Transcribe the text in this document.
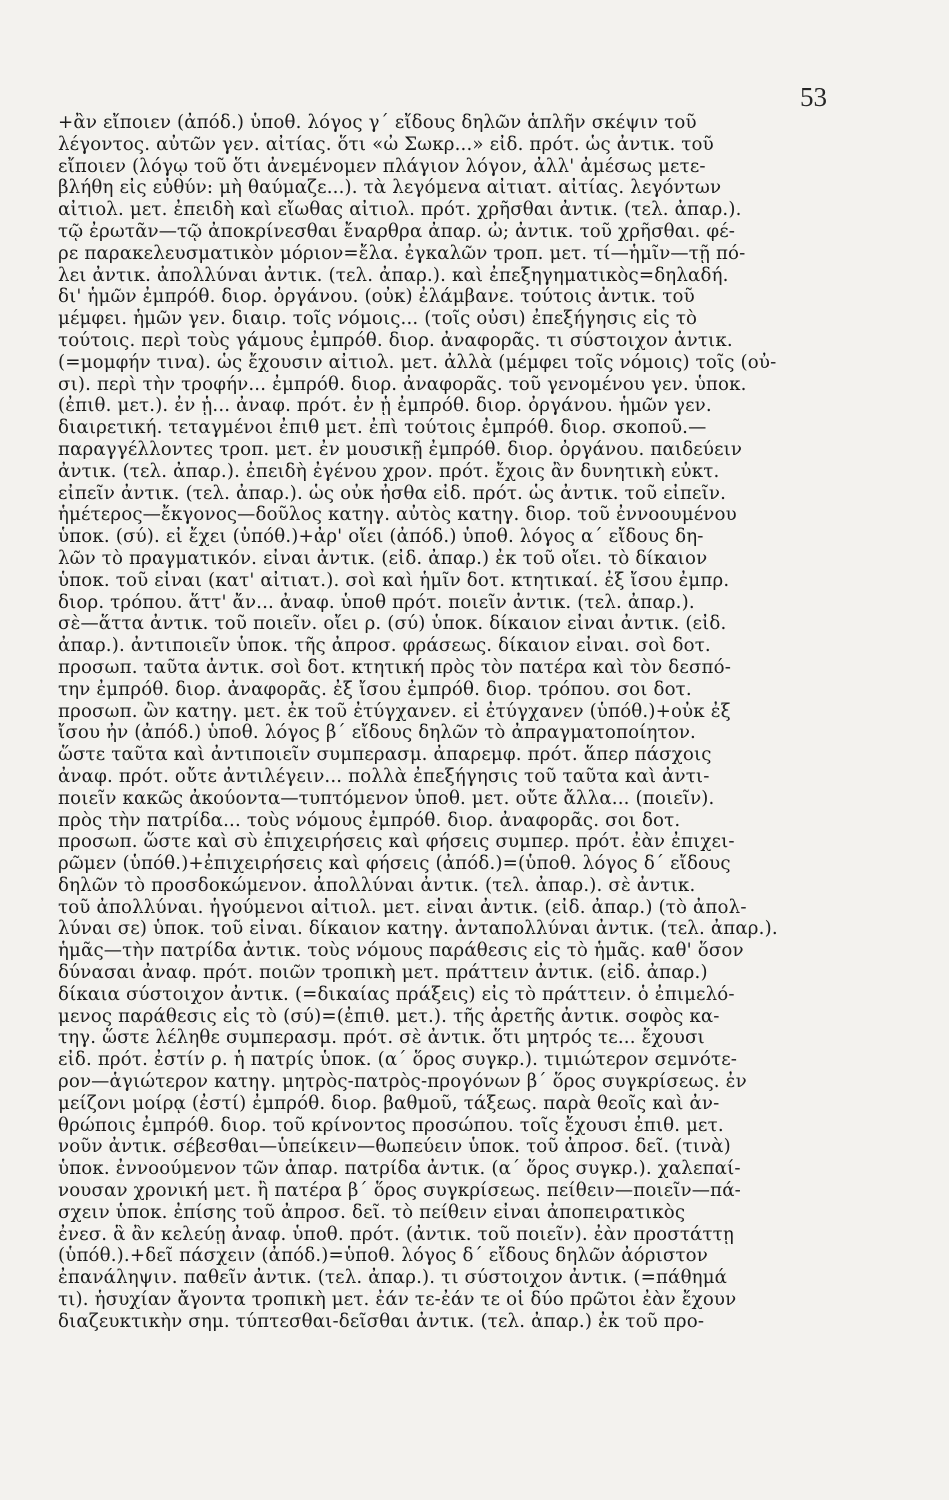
53
+ἂν εἴποιεν (ἀπόδ.) ὑποθ. λόγος γ΄ εἴδους δηλῶν ἁπλῆν σκέψιν τοῦ
λέγοντος. αὐτῶν γεν. αἰτίας. ὅτι «ὦ Σωκρ...» εἰδ. πρότ. ὡς ἀντικ. τοῦ
εἴποιεν (λόγῳ τοῦ ὅτι ἀνεμένομεν πλάγιον λόγον, ἀλλ' ἀμέσως μετε-
βλήθη εἰς εὐθύν: μὴ θαύμαζε...). τὰ λεγόμενα αἰτιατ. αἰτίας. λεγόντων
αἰτιολ. μετ. ἐπειδὴ καὶ εἴωθας αἰτιολ. πρότ. χρῆσθαι ἀντικ. (τελ. ἀπαρ.).
τῷ ἐρωτᾶν—τῷ ἀποκρίνεσθαι ἔναρθρα ἀπαρ. ὦ; ἀντικ. τοῦ χρῆσθαι. φέ-
ρε παρακελευσματικὸν μόριον=ἔλα. ἐγκαλῶν τροπ. μετ. τί—ἡμῖν—τῇ πό-
λει ἀντικ. ἀπολλύναι ἀντικ. (τελ. ἀπαρ.). καὶ ἐπεξηγηματικὸς=δηλαδή.
δι' ἡμῶν ἐμπρόθ. διορ. ὀργάνου. (οὐκ) ἐλάμβανε. τούτοις ἀντικ. τοῦ
μέμφει. ἡμῶν γεν. διαιρ. τοῖς νόμοις... (τοῖς οὖσι) ἐπεξήγησις εἰς τὸ
τούτοις. περὶ τοὺς γάμους ἐμπρόθ. διορ. ἀναφορᾶς. τι σύστοιχον ἀντικ.
(=μομφήν τινα). ὡς ἔχουσιν αἰτιολ. μετ. ἀλλὰ (μέμφει τοῖς νόμοις) τοῖς (οὖ-
σι). περὶ τὴν τροφήν... ἐμπρόθ. διορ. ἀναφορᾶς. τοῦ γενομένου γεν. ὑποκ.
(ἐπιθ. μετ.). ἐν ᾗ... ἀναφ. πρότ. ἐν ᾗ ἐμπρόθ. διορ. ὀργάνου. ἡμῶν γεν.
διαιρετική. τεταγμένοι ἐπιθ μετ. ἐπὶ τούτοις ἐμπρόθ. διορ. σκοποῦ.—
παραγγέλλοντες τροπ. μετ. ἐν μουσικῇ ἐμπρόθ. διορ. ὀργάνου. παιδεύειν
ἀντικ. (τελ. ἀπαρ.). ἐπειδὴ ἐγένου χρον. πρότ. ἔχοις ἂν δυνητικὴ εὐκτ.
εἰπεῖν ἀντικ. (τελ. ἀπαρ.). ὡς οὐκ ἦσθα εἰδ. πρότ. ὡς ἀντικ. τοῦ εἰπεῖν.
ἡμέτερος—ἔκγονος—δοῦλος κατηγ. αὐτὸς κατηγ. διορ. τοῦ ἐννοουμένου
ὑποκ. (σύ). εἰ ἔχει (ὑπόθ.)+ἆρ' οἴει (ἀπόδ.) ὑποθ. λόγος α΄ εἴδους δη-
λῶν τὸ πραγματικόν. εἶναι ἀντικ. (εἰδ. ἀπαρ.) ἐκ τοῦ οἴει. τὸ δίκαιον
ὑποκ. τοῦ εἶναι (κατ' αἰτιατ.). σοὶ καὶ ἡμῖν δοτ. κτητικαί. ἐξ ἴσου ἐμπρ.
διορ. τρόπου. ἅττ' ἄν... ἀναφ. ὑποθ πρότ. ποιεῖν ἀντικ. (τελ. ἀπαρ.).
σὲ—ἅττα ἀντικ. τοῦ ποιεῖν. οἴει ρ. (σύ) ὑποκ. δίκαιον εἶναι ἀντικ. (εἰδ.
ἀπαρ.). ἀντιποιεῖν ὑποκ. τῆς ἀπροσ. φράσεως. δίκαιον εἶναι. σοὶ δοτ.
προσωπ. ταῦτα ἀντικ. σοὶ δοτ. κτητική πρὸς τὸν πατέρα καὶ τὸν δεσπό-
την ἐμπρόθ. διορ. ἀναφορᾶς. ἐξ ἴσου ἐμπρόθ. διορ. τρόπου. σοι δοτ.
προσωπ. ὢν κατηγ. μετ. ἐκ τοῦ ἐτύγχανεν. εἰ ἐτύγχανεν (ὑπόθ.)+οὐκ ἐξ
ἴσου ἦν (ἀπόδ.) ὑποθ. λόγος β΄ εἴδους δηλῶν τὸ ἀπραγματοποίητον.
ὥστε ταῦτα καὶ ἀντιποιεῖν συμπερασμ. ἀπαρεμφ. πρότ. ἅπερ πάσχοις
ἀναφ. πρότ. οὔτε ἀντιλέγειν... πολλὰ ἐπεξήγησις τοῦ ταῦτα καὶ ἀντι-
ποιεῖν κακῶς ἀκούοντα—τυπτόμενον ὑποθ. μετ. οὔτε ἄλλα... (ποιεῖν).
πρὸς τὴν πατρίδα... τοὺς νόμους ἐμπρόθ. διορ. ἀναφορᾶς. σοι δοτ.
προσωπ. ὥστε καὶ σὺ ἐπιχειρήσεις καὶ φήσεις συμπερ. πρότ. ἐὰν ἐπιχει-
ρῶμεν (ὑπόθ.)+ἐπιχειρήσεις καὶ φήσεις (ἀπόδ.)=(ὑποθ. λόγος δ΄ εἴδους
δηλῶν τὸ προσδοκώμενον. ἀπολλύναι ἀντικ. (τελ. ἀπαρ.). σὲ ἀντικ.
τοῦ ἀπολλύναι. ἡγούμενοι αἰτιολ. μετ. εἶναι ἀντικ. (εἰδ. ἀπαρ.) (τὸ ἀπολ-
λύναι σε) ὑποκ. τοῦ εἶναι. δίκαιον κατηγ. ἀνταπολλύναι ἀντικ. (τελ. ἀπαρ.).
ἡμᾶς—τὴν πατρίδα ἀντικ. τοὺς νόμους παράθεσις εἰς τὸ ἡμᾶς. καθ' ὅσον
δύνασαι ἀναφ. πρότ. ποιῶν τροπικὴ μετ. πράττειν ἀντικ. (εἰδ. ἀπαρ.)
δίκαια σύστοιχον ἀντικ. (=δικαίας πράξεις) εἰς τὸ πράττειν. ὁ ἐπιμελό-
μενος παράθεσις εἰς τὸ (σύ)=(ἐπιθ. μετ.). τῆς ἀρετῆς ἀντικ. σοφὸς κα-
τηγ. ὥστε λέληθε συμπερασμ. πρότ. σὲ ἀντικ. ὅτι μητρός τε... ἔχουσι
εἰδ. πρότ. ἐστίν ρ. ἡ πατρίς ὑποκ. (α΄ ὅρος συγκρ.). τιμιώτερον σεμνότε-
ρον—ἁγιώτερον κατηγ. μητρὸς-πατρὸς-προγόνων β΄ ὅρος συγκρίσεως. ἐν
μείζονι μοίρᾳ (ἐστί) ἐμπρόθ. διορ. βαθμοῦ, τάξεως. παρὰ θεοῖς καὶ ἀν-
θρώποις ἐμπρόθ. διορ. τοῦ κρίνοντος προσώπου. τοῖς ἔχουσι ἐπιθ. μετ.
νοῦν ἀντικ. σέβεσθαι—ὑπείκειν—θωπεύειν ὑποκ. τοῦ ἀπροσ. δεῖ. (τινὰ)
ὑποκ. ἐννοούμενον τῶν ἀπαρ. πατρίδα ἀντικ. (α΄ ὅρος συγκρ.). χαλεπαί-
νουσαν χρονική μετ. ἢ πατέρα β΄ ὅρος συγκρίσεως. πείθειν—ποιεῖν—πά-
σχειν ὑποκ. ἐπίσης τοῦ ἀπροσ. δεῖ. τὸ πείθειν εἶναι ἀποπειρατικὸς
ἐνεσ. ἃ ἂν κελεύῃ ἀναφ. ὑποθ. πρότ. (ἀντικ. τοῦ ποιεῖν). ἐὰν προστάττῃ
(ὑπόθ.).+δεῖ πάσχειν (ἀπόδ.)=ὑποθ. λόγος δ΄ εἴδους δηλῶν ἀόριστον
ἐπανάληψιν. παθεῖν ἀντικ. (τελ. ἀπαρ.). τι σύστοιχον ἀντικ. (=πάθημά
τι). ἡσυχίαν ἄγοντα τροπικὴ μετ. ἐάν τε-ἐάν τε οἱ δύο πρῶτοι ἐὰν ἔχουν
διαζευκτικὴν σημ. τύπτεσθαι-δεῖσθαι ἀντικ. (τελ. ἀπαρ.) ἐκ τοῦ προ-
